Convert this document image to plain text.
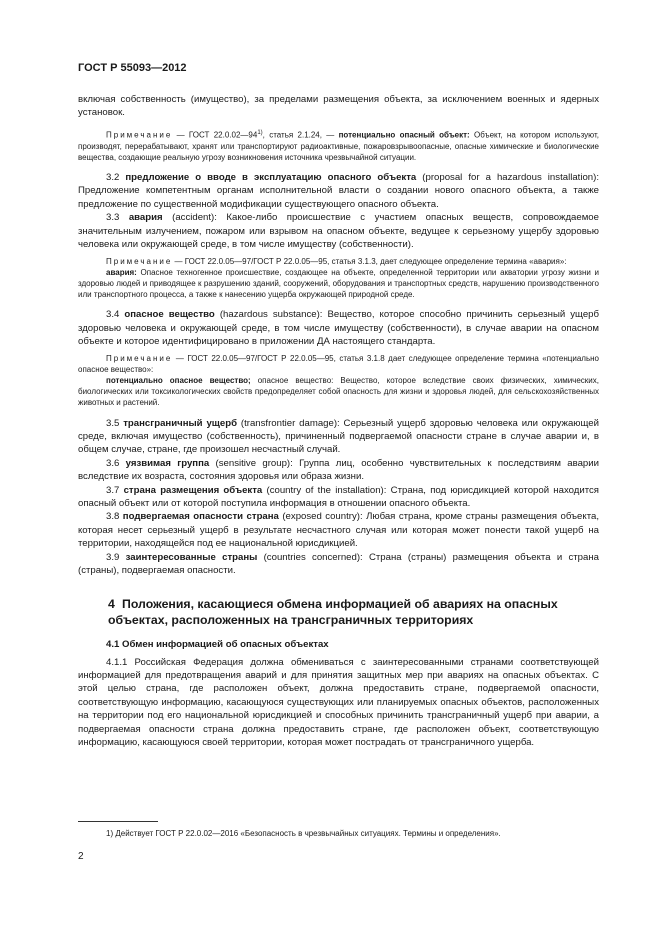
ГОСТ Р 55093—2012

включая собственность (имущество), за пределами размещения объекта, за исключением военных и ядерных установок.

Примечание — ГОСТ 22.0.02—94$^{1)}$, статья 2.1.24, — потенциально опасный объект: Объект, на котором используют, производят, перерабатывают, хранят или транспортируют радиоактивные, пожаровзрывоопасные, опасные химические и биологические вещества, создающие реальную угрозу возникновения источника чрезвычайной ситуации.

3.2 предложение о вводе в эксплуатацию опасного объекта (proposal for a hazardous installation): Предложение компетентным органам исполнительной власти о создании нового опасного объекта, а также предложение по существенной модификации существующего опасного объекта.

3.3 авария (accident): Какое-либо происшествие с участием опасных веществ, сопровождаемое значительным излучением, пожаром или взрывом на опасном объекте, ведущее к серьезному ущербу здоровью человека или окружающей среде, в том числе имуществу (собственности).

Примечание — ГОСТ 22.0.05—97/ГОСТ Р 22.0.05—95, статья 3.1.3, дает следующее определение термина «авария»:

авария: Опасное техногенное происшествие, создающее на объекте, определенной территории или акватории угрозу жизни и здоровью людей и приводящее к разрушению зданий, сооружений, оборудования и транспортных средств, нарушению производственного или транспортного процесса, а также к нанесению ущерба окружающей природной среде.

3.4 опасное вещество (hazardous substance): Вещество, которое способно причинить серьезный ущерб здоровью человека и окружающей среде, в том числе имуществу (собственности), в случае аварии на опасном объекте и которое идентифицировано в приложении ДА настоящего стандарта.

Примечание — ГОСТ 22.0.05—97/ГОСТ Р 22.0.05—95, статья 3.1.8 дает следующее определение термина «потенциально опасное вещество»:

потенциально опасное вещество; опасное вещество: Вещество, которое вследствие своих физических, химических, биологических или токсикологических свойств предопределяет собой опасность для жизни и здоровья людей, для сельскохозяйственных животных и растений.

3.5 трансграничный ущерб (transfrontier damage): Серьезный ущерб здоровью человека или окружающей среде, включая имущество (собственность), причиненный подвергаемой опасности стране в случае аварии и, в общем случае, стране, где произошел несчастный случай.

3.6 уязвимая группа (sensitive group): Группа лиц, особенно чувствительных к последствиям аварии вследствие их возраста, состояния здоровья или образа жизни.

3.7 страна размещения объекта (country of the installation): Страна, под юрисдикцией которой находится опасный объект или от которой поступила информация в отношении опасного объекта.

3.8 подвергаемая опасности страна (exposed country): Любая страна, кроме страны размещения объекта, которая несет серьезный ущерб в результате несчастного случая или которая может понести такой ущерб на территории, находящейся под ее национальной юрисдикцией.

3.9 заинтересованные страны (countries concerned): Страна (страны) размещения объекта и страна (страны), подвергаемая опасности.

4 Положения, касающиеся обмена информацией об авариях на опасных объектах, расположенных на трансграничных территориях
4.1 Обмен информацией об опасных объектах

4.1.1 Российская Федерация должна обмениваться с заинтересованными странами соответствующей информацией для предотвращения аварий и для принятия защитных мер при авариях на опасных объектах. С этой целью страна, где расположен объект, должна предоставить стране, подвергаемой опасности, соответствующую информацию, касающуюся существующих или планируемых опасных объектов, расположенных на территории под его национальной юрисдикцией и способных причинить трансграничный ущерб при аварии, а подвергаемая опасности страна должна предоставить стране, где расположен объект, соответствующую информацию, касающуюся своей территории, которая может пострадать от трансграничного ущерба.

1) Действует ГОСТ Р 22.0.02—2016 «Безопасность в чрезвычайных ситуациях. Термины и определения».
2
